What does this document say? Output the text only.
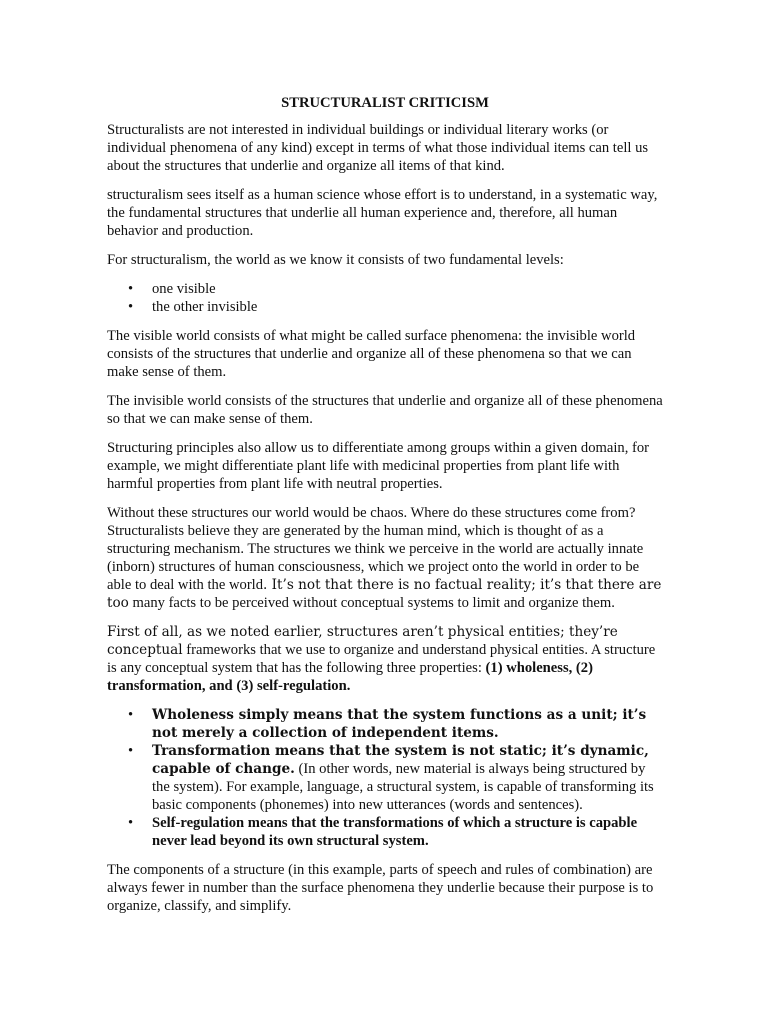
STRUCTURALIST CRITICISM

Structuralists are not interested in individual buildings or individual literary works (or individual phenomena of any kind) except in terms of what those individual items can tell us about the structures that underlie and organize all items of that kind.

structuralism sees itself as a human science whose effort is to understand, in a systematic way, the fundamental structures that underlie all human experience and, therefore, all human behavior and production.

For structuralism, the world as we know it consists of two fundamental levels:

• one visible
• the other invisible

The visible world consists of what might be called surface phenomena: the invisible world consists of the structures that underlie and organize all of these phenomena so that we can make sense of them.

The invisible world consists of the structures that underlie and organize all of these phenomena so that we can make sense of them.

Structuring principles also allow us to differentiate among groups within a given domain, for example, we might differentiate plant life with medicinal properties from plant life with harmful properties from plant life with neutral properties.

Without these structures our world would be chaos. Where do these structures come from? Structuralists believe they are generated by the human mind, which is thought of as a structuring mechanism. The structures we think we perceive in the world are actually innate (inborn) structures of human consciousness, which we project onto the world in order to be able to deal with the world. It’s not that there is no factual reality; it’s that there are too many facts to be perceived without conceptual systems to limit and organize them.

First of all, as we noted earlier, structures aren’t physical entities; they’re conceptual frameworks that we use to organize and understand physical entities. A structure is any conceptual system that has the following three properties: (1) wholeness, (2) transformation, and (3) self-regulation.

• Wholeness simply means that the system functions as a unit; it’s not merely a collection of independent items.
• Transformation means that the system is not static; it’s dynamic, capable of change. (In other words, new material is always being structured by the system). For example, language, a structural system, is capable of transforming its basic components (phonemes) into new utterances (words and sentences).
• Self-regulation means that the transformations of which a structure is capable never lead beyond its own structural system.

The components of a structure (in this example, parts of speech and rules of combination) are always fewer in number than the surface phenomena they underlie because their purpose is to organize, classify, and simplify.
